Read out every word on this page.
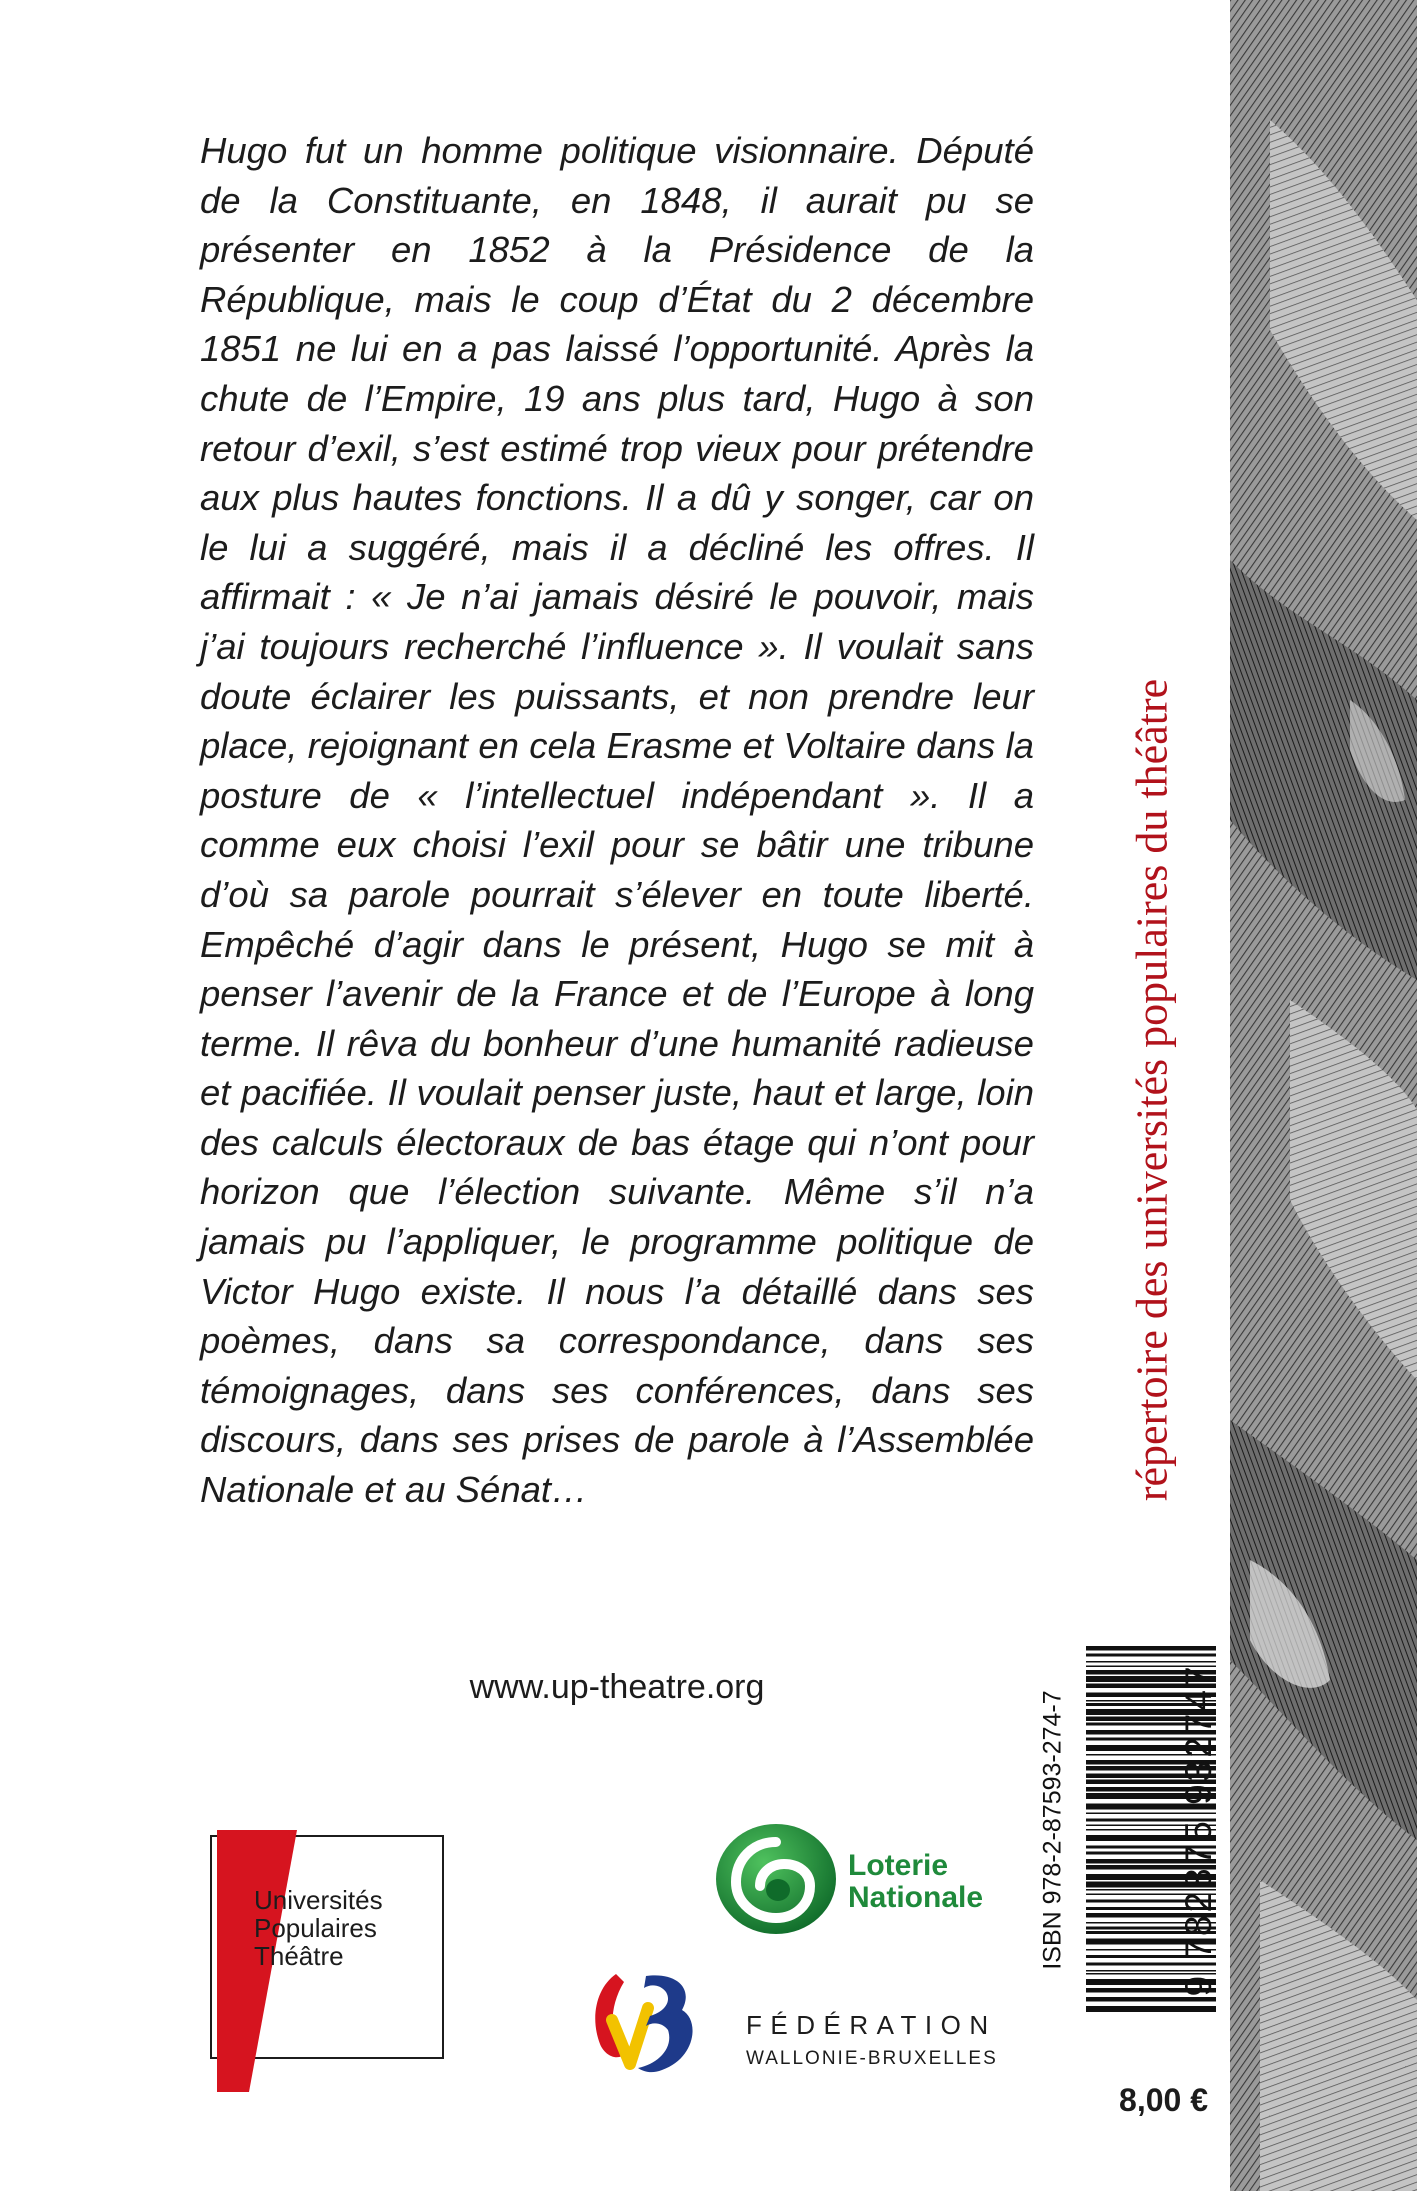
Hugo fut un homme politique visionnaire. Député de la Constituante, en 1848, il aurait pu se présenter en 1852 à la Présidence de la République, mais le coup d’État du 2 décembre 1851 ne lui en a pas laissé l’opportunité. Après la chute de l’Empire, 19 ans plus tard, Hugo à son retour d’exil, s’est estimé trop vieux pour prétendre aux plus hautes fonctions. Il a dû y songer, car on le lui a suggéré, mais il a décliné les offres. Il affirmait : « Je n’ai jamais désiré le pouvoir, mais j’ai toujours recherché l’influence ». Il voulait sans doute éclairer les puissants, et non prendre leur place, rejoignant en cela Erasme et Voltaire dans la posture de « l’intellectuel indépendant ». Il a comme eux choisi l’exil pour se bâtir une tribune d’où sa parole pourrait s’élever en toute liberté. Empêché d’agir dans le présent, Hugo se mit à penser l’avenir de la France et de l’Europe à long terme. Il rêva du bonheur d’une humanité radieuse et pacifiée. Il voulait penser juste, haut et large, loin des calculs électoraux de bas étage qui n’ont pour horizon que l’élection suivante. Même s’il n’a jamais pu l’appliquer, le programme politique de Victor Hugo existe. Il nous l’a détaillé dans ses poèmes, dans sa correspondance, dans ses témoignages, dans ses conférences, dans ses discours, dans ses prises de parole à l’Assemblée Nationale et au Sénat…

www.up-theatre.org
répertoire des universités populaires du théâtre
ISBN 978-2-87593-274-7	9 782875 932747
8,00 €
Universités
Populaires
Théâtre
Loterie
Nationale
FÉDÉRATION
WALLONIE-BRUXELLES
